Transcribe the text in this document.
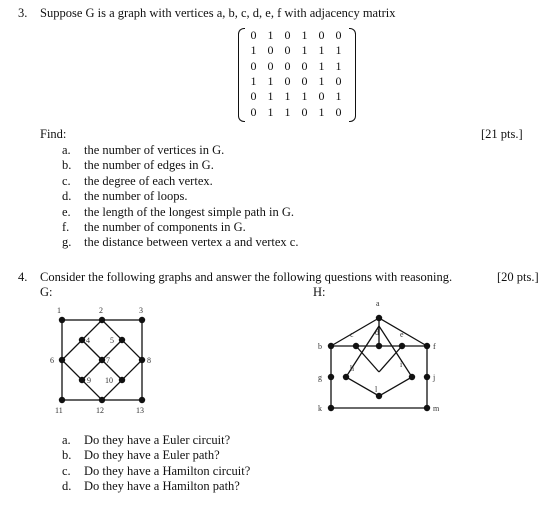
3. Suppose G is a graph with vertices a, b, c, d, e, f with adjacency matrix
0	1	0	1	0	0
1	0	0	1	1	1
0	0	0	0	1	1
1	1	0	0	1	0
0	1	1	1	0	1
0	1	1	0	1	0
Find:	[21 pts.]
a. the number of vertices in G.
b. the number of edges in G.
c. the degree of each vertex.
d. the number of loops.
e. the length of the longest simple path in G.
f. the number of components in G.
g. the distance between vertex a and vertex c.
4. Consider the following graphs and answer the following questions with reasoning.	[20 pts.]
G:	H:
1	2	3
4	5
6	7	8
9 10
11	12	13
a
b
c	d	e
f
g
h	i
j
k
l
m
a. Do they have a Euler circuit?
b. Do they have a Euler path?
c. Do they have a Hamilton circuit?
d. Do they have a Hamilton path?
